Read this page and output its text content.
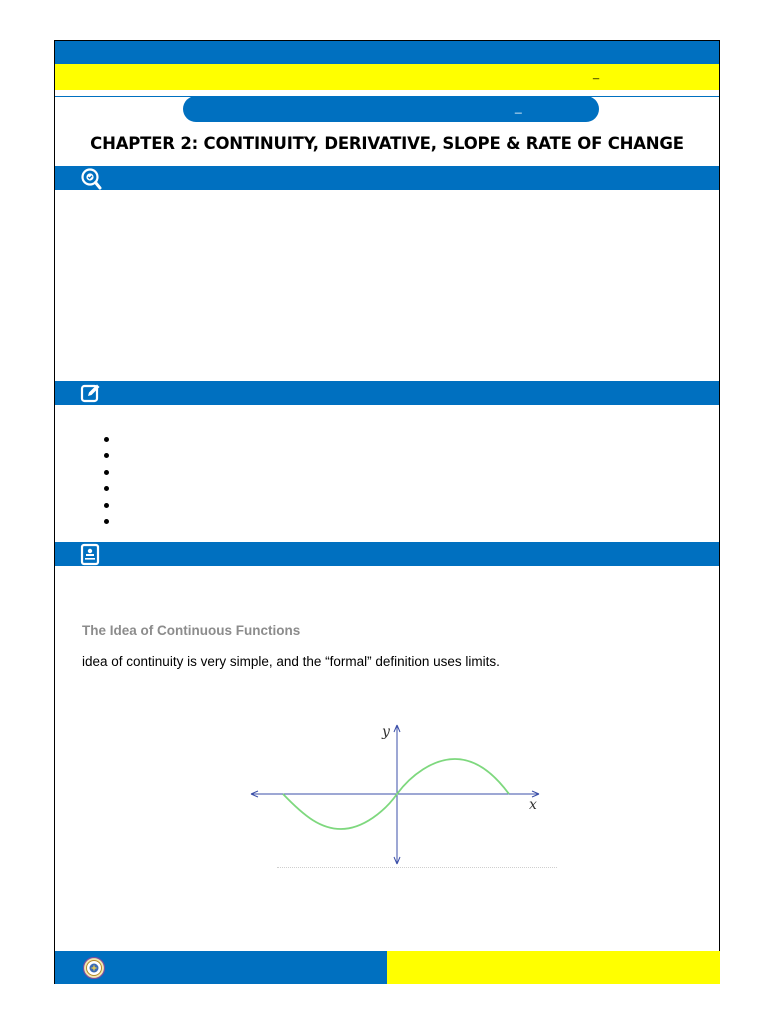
_
_
CHAPTER 2: CONTINUITY, DERIVATIVE, SLOPE & RATE OF CHANGE
The Idea of Continuous Functions
idea of continuity is very simple, and the “formal” definition uses limits.
y
x
